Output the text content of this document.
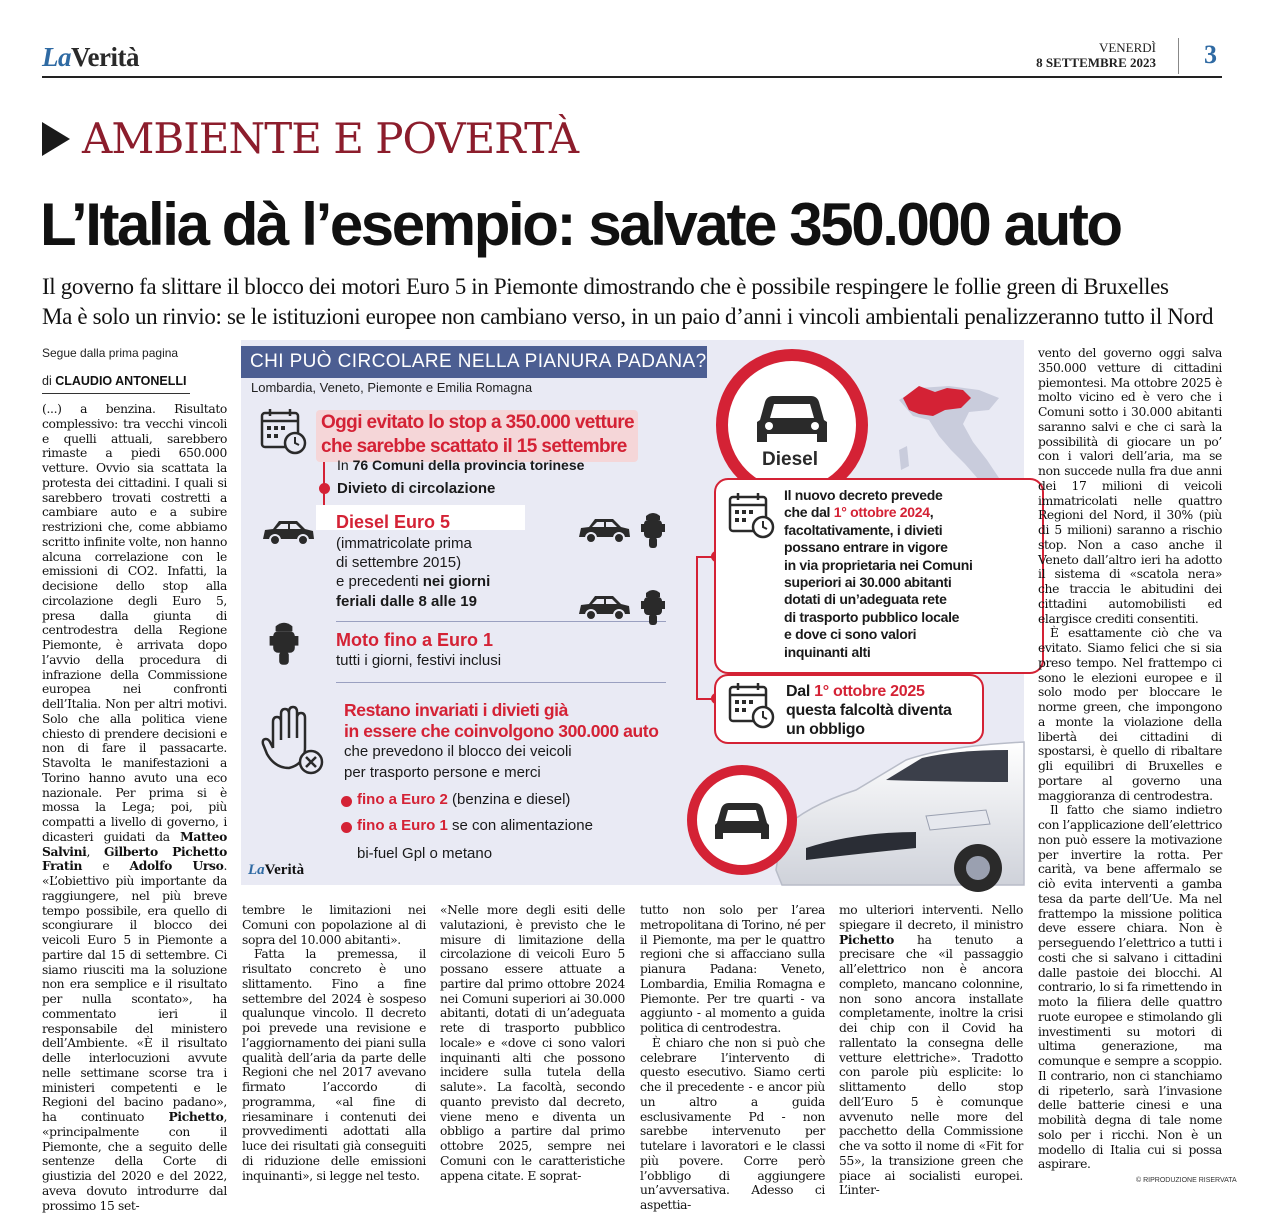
LaVerità	VENERDÌ
8 SETTEMBRE 2023 3
AMBIENTE E POVERTÀ
L’Italia dà l’esempio: salvate 350.000 auto
Il governo fa slittare il blocco dei motori Euro 5 in Piemonte dimostrando che è possibile respingere le follie green di Bruxelles
Ma è solo un rinvio: se le istituzioni europee non cambiano verso, in un paio d’anni i vincoli ambientali penalizzeranno tutto il Nord
Segue dalla prima pagina
di CLAUDIO ANTONELLI

(...) a benzina. Risultato complessivo: tra vecchi vincoli e quelli attuali, sarebbero rimaste a piedi 650.000 vetture. Ovvio sia scattata la protesta dei cittadini. I quali si sarebbero trovati costretti a cambiare auto e a subire restrizioni che, come abbiamo scritto infinite volte, non hanno alcuna correlazione con le emissioni di CO2. Infatti, la decisione dello stop alla circolazione degli Euro 5, presa dalla giunta di centrodestra della Regione Piemonte, è arrivata dopo l’avvio della procedura di infrazione della Commissione europea nei confronti dell’Italia. Non per altri motivi. Solo che alla politica viene chiesto di prendere decisioni e non di fare il passacarte. Stavolta le manifestazioni a Torino hanno avuto una eco nazionale. Per prima si è mossa la Lega; poi, più compatti a livello di governo, i dicasteri guidati da Matteo Salvini, Gilberto Pichetto Fratin e Adolfo Urso. «L’obiettivo più importante da raggiungere, nel più breve tempo possibile, era quello di scongiurare il blocco dei veicoli Euro 5 in Piemonte a partire dal 15 di settembre. Ci siamo riusciti ma la soluzione non era semplice e il risultato per nulla scontato», ha commentato ieri il responsabile del ministero dell’Ambiente. «È il risultato delle interlocuzioni avvute nelle settimane scorse tra i ministeri competenti e le Regioni del bacino padano», ha continuato Pichetto, «principalmente con il Piemonte, che a seguito delle sentenze della Corte di giustizia del 2020 e del 2022, aveva dovuto introdurre dal prossimo 15 set-

CHI PUÒ CIRCOLARE NELLA PIANURA PADANA?
Lombardia, Veneto, Piemonte e Emilia Romagna
Oggi evitato lo stop a 350.000 vetture
che sarebbe scattato il 15 settembre
In 76 Comuni della provincia torinese
Divieto di circolazione
Diesel Euro 5
(immatricolate prima
di settembre 2015)
e precedenti nei giorni
feriali dalle 8 alle 19
Moto fino a Euro 1
tutti i giorni, festivi inclusi
Restano invariati i divieti già
in essere che coinvolgono 300.000 auto
che prevedono il blocco dei veicoli
per trasporto persone e merci
fino a Euro 2 (benzina e diesel)
fino a Euro 1 se con alimentazione
bi-fuel Gpl o metano
Diesel
Il nuovo decreto prevede
che dal 1° ottobre 2024,
facoltativamente, i divieti
possano entrare in vigore
in via proprietaria nei Comuni
superiori ai 30.000 abitanti
dotati di un’adeguata rete
di trasporto pubblico locale
e dove ci sono valori
inquinanti alti
Dal 1° ottobre 2025
questa falcoltà diventa
un obbligo
LaVerità

tembre le limitazioni nei Comuni con popolazione al di sopra del 10.000 abitanti».

Fatta la premessa, il risultato concreto è uno slittamento. Fino a fine settembre del 2024 è sospeso qualunque vincolo. Il decreto poi prevede una revisione e l’aggiornamento dei piani sulla qualità dell’aria da parte delle Regioni che nel 2017 avevano firmato l’accordo di programma, «al fine di riesaminare i contenuti dei provvedimenti adottati alla luce dei risultati già conseguiti di riduzione delle emissioni inquinanti», si legge nel testo.

«Nelle more degli esiti delle valutazioni, è previsto che le misure di limitazione della circolazione di veicoli Euro 5 possano essere attuate a partire dal primo ottobre 2024 nei Comuni superiori ai 30.000 abitanti, dotati di un’adeguata rete di trasporto pubblico locale» e «dove ci sono valori inquinanti alti che possono incidere sulla tutela della salute». La facoltà, secondo quanto previsto dal decreto, viene meno e diventa un obbligo a partire dal primo ottobre 2025, sempre nei Comuni con le caratteristiche appena citate. E soprat-

tutto non solo per l’area metropolitana di Torino, né per il Piemonte, ma per le quattro regioni che si affacciano sulla pianura Padana: Veneto, Lombardia, Emilia Romagna e Piemonte. Per tre quarti - va aggiunto - al momento a guida politica di centrodestra.

È chiaro che non si può che celebrare l’intervento di questo esecutivo. Siamo certi che il precedente - e ancor più un altro a guida esclusivamente Pd - non sarebbe intervenuto per tutelare i lavoratori e le classi più povere. Corre però l’obbligo di aggiungere un’avversativa. Adesso ci aspettia-

mo ulteriori interventi. Nello spiegare il decreto, il ministro Pichetto ha tenuto a precisare che «il passaggio all’elettrico non è ancora completo, mancano colonnine, non sono ancora installate completamente, inoltre la crisi dei chip con il Covid ha rallentato la consegna delle vetture elettriche». Tradotto con parole più esplicite: lo slittamento dello stop dell’Euro 5 è comunque avvenuto nelle more del pacchetto della Commissione che va sotto il nome di «Fit for 55», la transizione green che piace ai socialisti europei. L’inter-

vento del governo oggi salva 350.000 vetture di cittadini piemontesi. Ma ottobre 2025 è molto vicino ed è vero che i Comuni sotto i 30.000 abitanti saranno salvi e che ci sarà la possibilità di giocare un po’ con i valori dell’aria, ma se non succede nulla fra due anni dei 17 milioni di veicoli immatricolati nelle quattro Regioni del Nord, il 30% (più di 5 milioni) saranno a rischio stop. Non a caso anche il Veneto dall’altro ieri ha adotto il sistema di «scatola nera» che traccia le abitudini dei cittadini automobilisti ed elargisce crediti consentiti.

È esattamente ciò che va evitato. Siamo felici che si sia preso tempo. Nel frattempo ci sono le elezioni europee e il solo modo per bloccare le norme green, che impongono a monte la violazione della libertà dei cittadini di spostarsi, è quello di ribaltare gli equilibri di Bruxelles e portare al governo una maggioranza di centrodestra.

Il fatto che siamo indietro con l’applicazione dell’elettrico non può essere la motivazione per invertire la rotta. Per carità, va bene affermalo se ciò evita interventi a gamba tesa da parte dell’Ue. Ma nel frattempo la missione politica deve essere chiara. Non è perseguendo l’elettrico a tutti i costi che si salvano i cittadini dalle pastoie dei blocchi. Al contrario, lo si fa rimettendo in moto la filiera delle quattro ruote europee e stimolando gli investimenti su motori di ultima generazione, ma comunque e sempre a scoppio. Il contrario, non ci stanchiamo di ripeterlo, sarà l’invasione delle batterie cinesi e una mobilità degna di tale nome solo per i ricchi. Non è un modello di Italia cui si possa aspirare.

© RIPRODUZIONE RISERVATA
